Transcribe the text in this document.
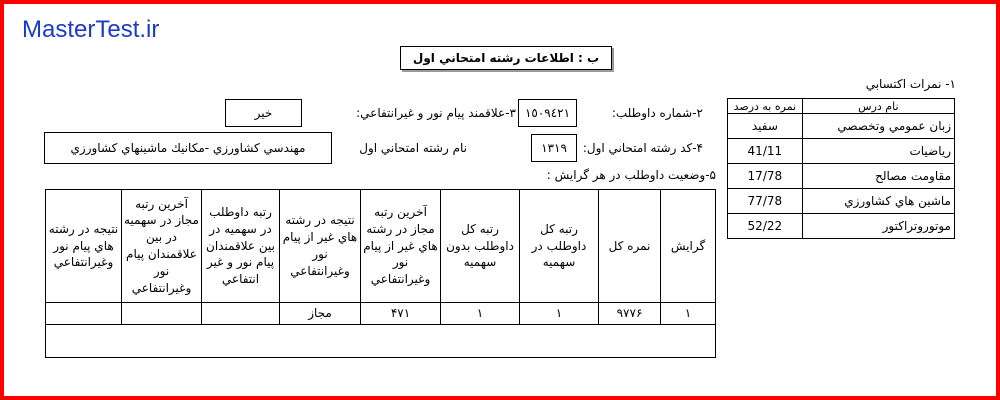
MasterTest.ir
ب : اطلاعات رشته امتحاني اول
١- نمرات اكتسابي
نام درس	نمره به درصد
زبان عمومي وتخصصي	سفید
رياضيات	41/11
مقاومت مصالح	17/78
ماشين هاي كشاورزي	77/78
موتوروتراكتور	52/22
٢-شماره داوطلب:
١٥٠٩٤٢١
٣-علاقمند پيام نور و غيرانتفاعي:
خير
۴-كد رشته امتحاني اول:
١٣١٩
نام رشته امتحاني اول
مهندسي كشاورزي -مكانيك ماشينهاي كشاورزي
۵-وضعيت داوطلب در هر گرايش :
گرايش	نمره كل	رتبه كل داوطلب در سهميه	رتبه كل داوطلب بدون سهميه	آخرين رتبه مجاز در رشته هاي غير از پيام نور وغيرانتفاعي	نتيجه در رشته هاي غير از پيام نور وغيرانتفاعي	رتبه داوطلب در سهميه در بين علاقمندان پيام نور و غير انتفاعي	آخرين رتبه مجاز در سهميه در بين علاقمندان پيام نور وغيرانتفاعي	نتيجه در رشته هاي پيام نور وغيرانتفاعي
١	٩٧٧۶	١	١	۴٧١	مجاز			
